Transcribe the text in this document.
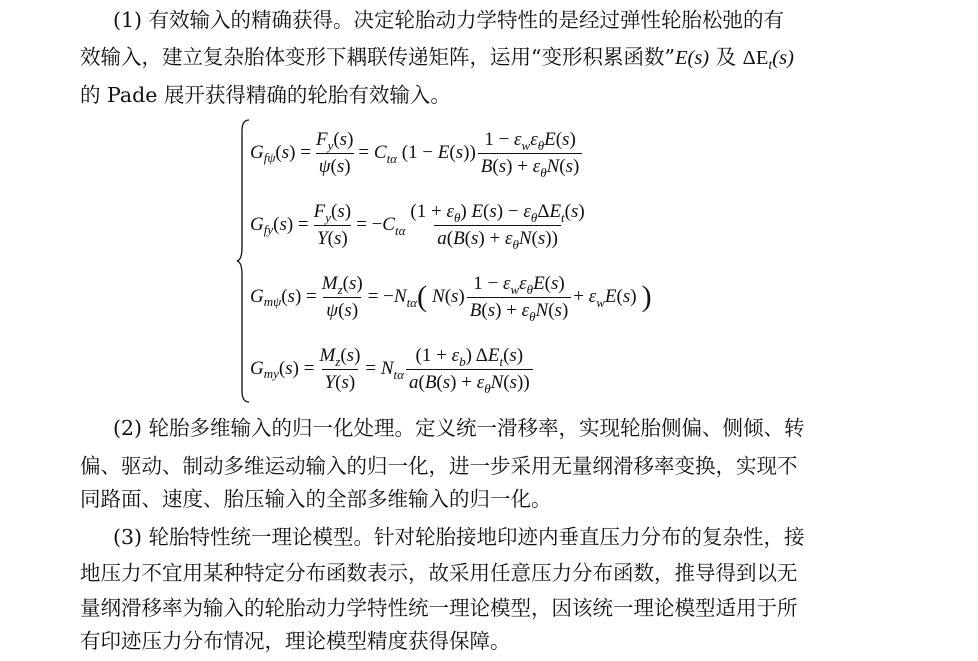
(1) 有效输入的精确获得。决定轮胎动力学特性的是经过弹性轮胎松弛的有
效输入，建立复杂胎体变形下耦联传递矩阵，运用“变形积累函数”E(s) 及 $\Delta E_t(s)$
的 Pade 展开获得精确的轮胎有效输入。
G fψ $(s) = \frac{F_y(s)}{\psi(s)} = C_{t\alpha}$ $(1 - E(s)) \frac{1 - \varepsilon_w\varepsilon_\theta E(s)}{B(s) + \varepsilon_\theta N(s)}$
G fy $(s) = \frac{F_y(s)}{Y(s)} = -C_{t\alpha} \frac{(1 + \varepsilon_\theta) E(s) - \varepsilon_\theta\Delta E_t(s)}{a(B(s) + \varepsilon_\theta N(s))}$
G mψ $(s) = \frac{M_z(s)}{\psi(s)} = -N_{t\alpha}$ ( N ( s ) $\frac{1 - \varepsilon_w\varepsilon_\theta E(s)}{B(s) + \varepsilon_\theta N(s)} + \varepsilon_wE(s)$ )
G my $(s) = \frac{M_z(s)}{Y(s)} = N_{t\alpha} \frac{(1 + \varepsilon_b) \Delta E_t(s)}{a(B(s) + \varepsilon_\theta N(s))}$
(2) 轮胎多维输入的归一化处理。定义统一滑移率，实现轮胎侧偏、侧倾、转
偏、驱动、制动多维运动输入的归一化，进一步采用无量纲滑移率变换，实现不
同路面、速度、胎压输入的全部多维输入的归一化。
(3) 轮胎特性统一理论模型。针对轮胎接地印迹内垂直压力分布的复杂性，接
地压力不宜用某种特定分布函数表示，故采用任意压力分布函数，推导得到以无
量纲滑移率为输入的轮胎动力学特性统一理论模型，因该统一理论模型适用于所
有印迹压力分布情况，理论模型精度获得保障。
